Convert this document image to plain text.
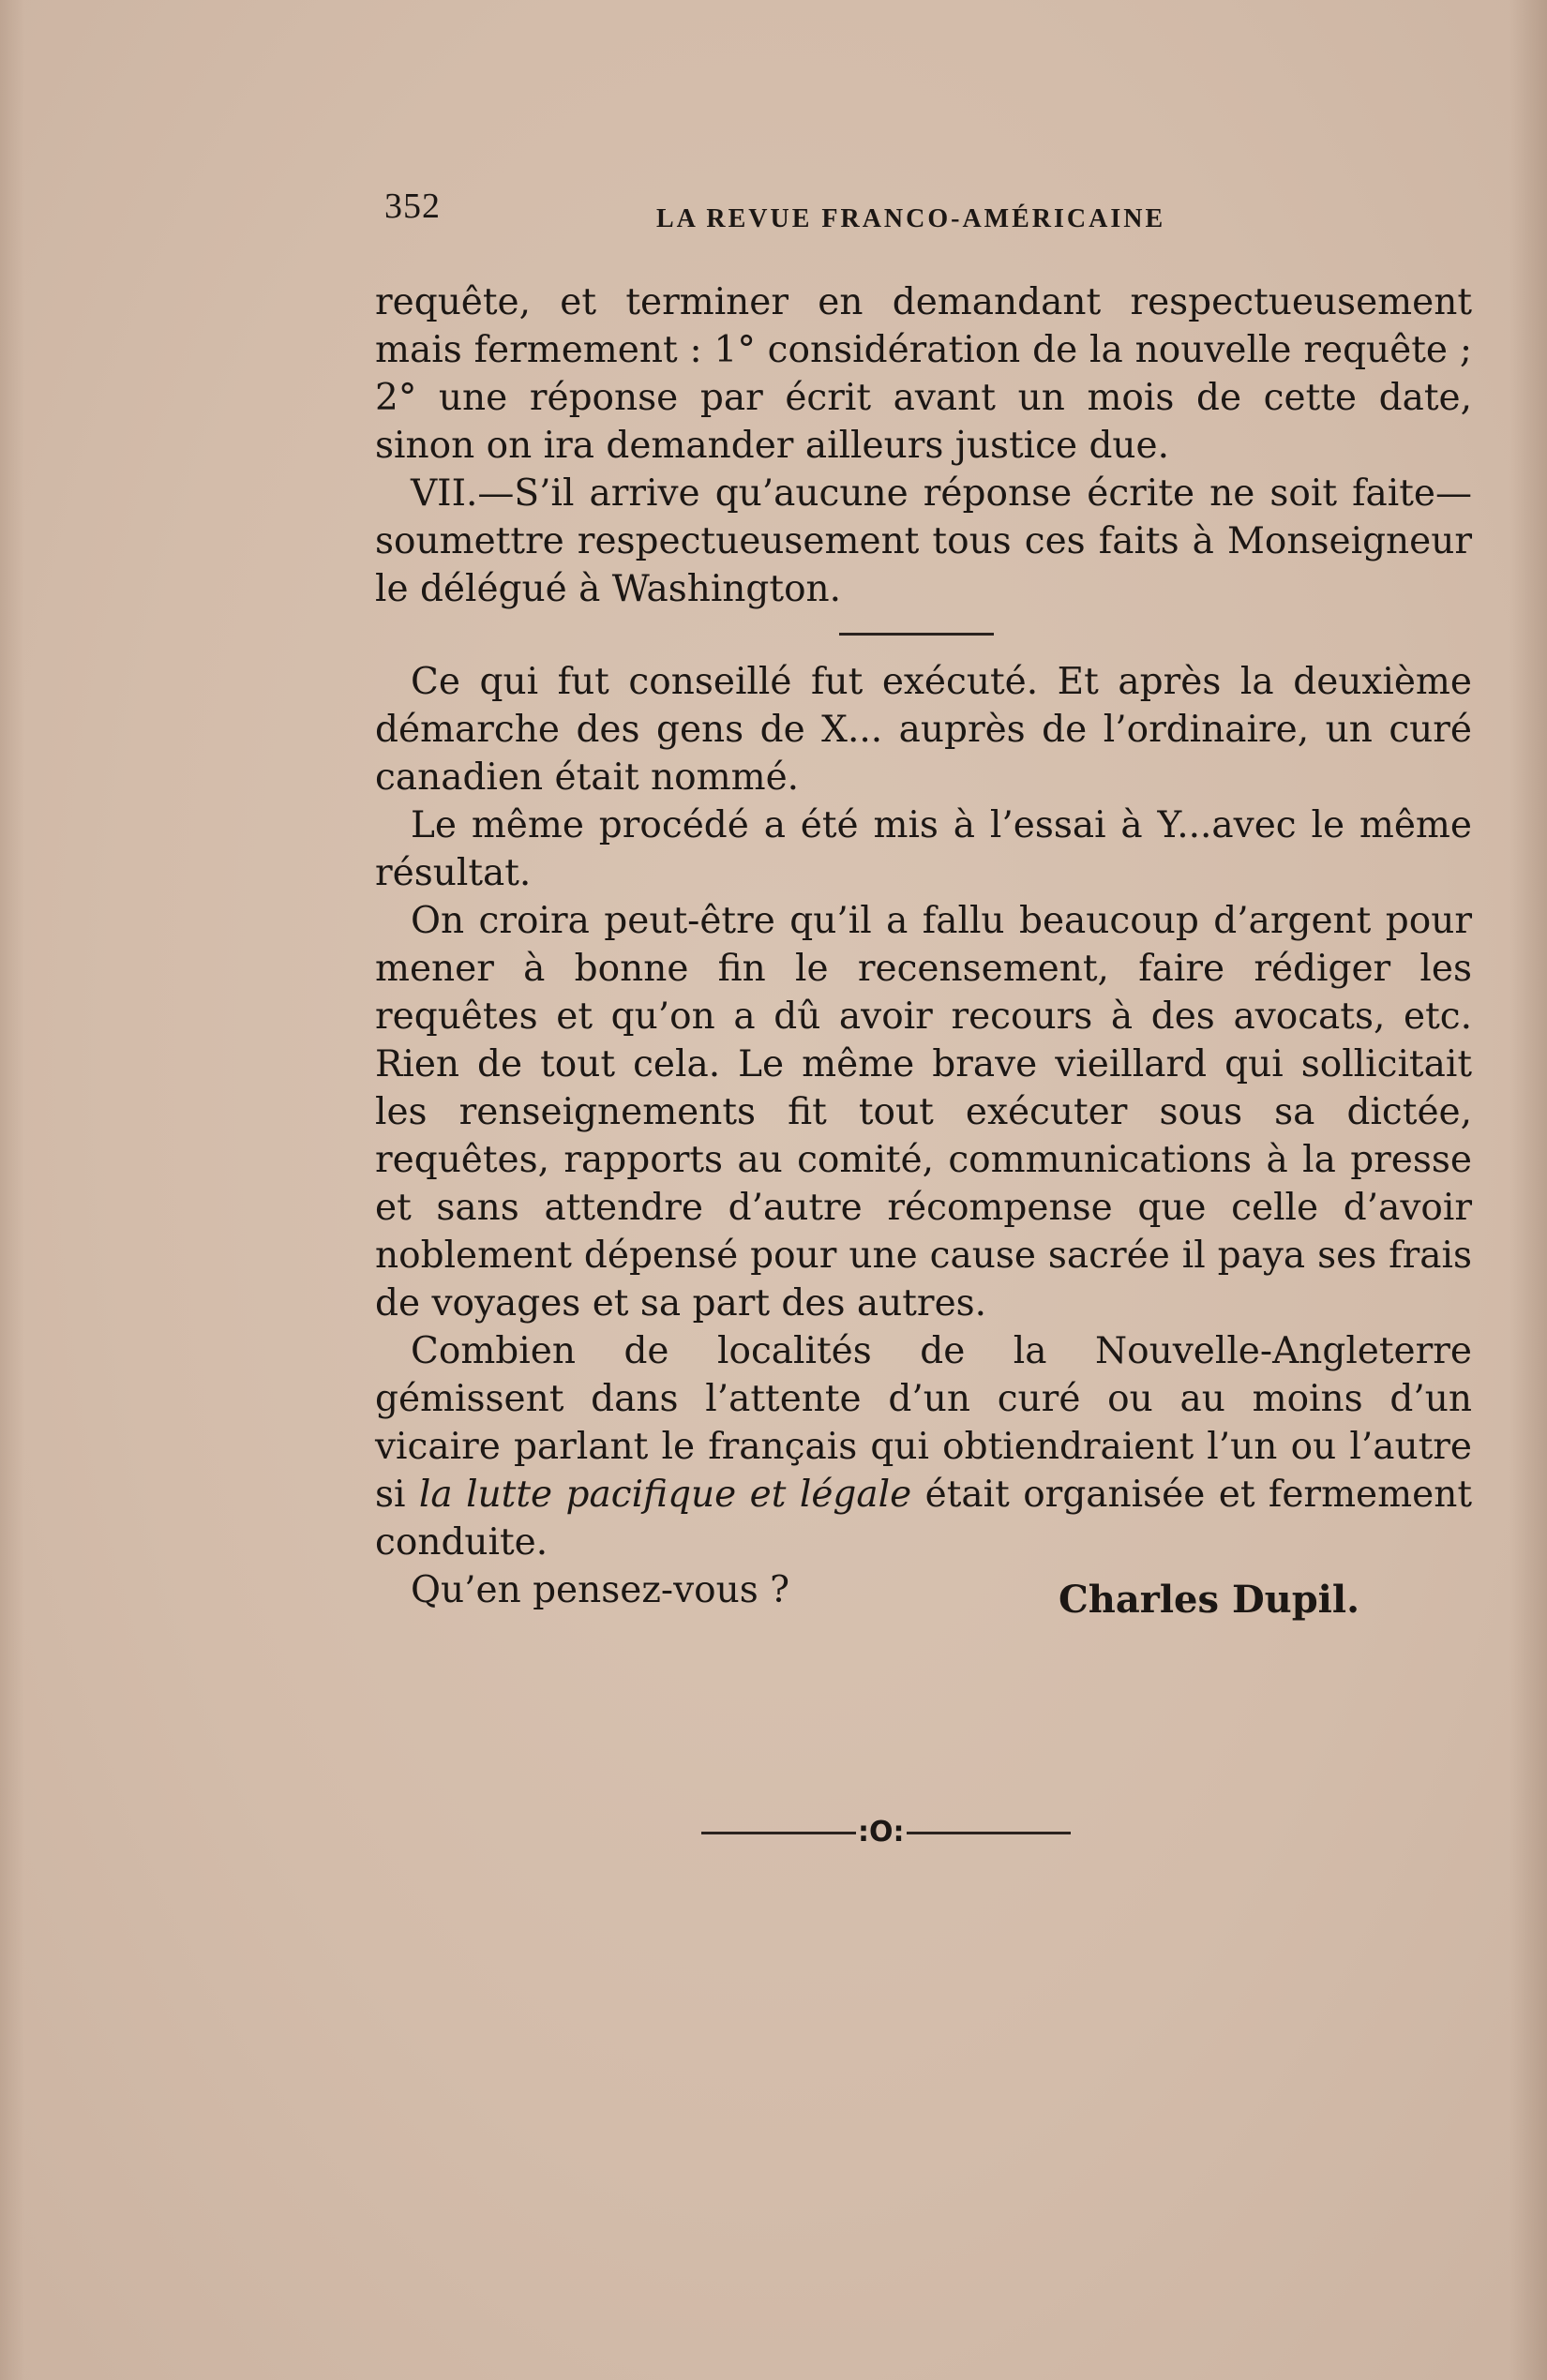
352	LA REVUE FRANCO-AMÉRICAINE

requête, et terminer en demandant respectueusement mais fermement : 1° considération de la nouvelle requête ; 2° une réponse par écrit avant un mois de cette date, sinon on ira demander ailleurs justice due.

VII.—S’il arrive qu’aucune réponse écrite ne soit faite— soumettre respectueusement tous ces faits à Monseigneur le délégué à Washington.

Ce qui fut conseillé fut exécuté. Et après la deuxième démarche des gens de X... auprès de l’ordinaire, un curé canadien était nommé.

Le même procédé a été mis à l’essai à Y...avec le même résultat.

On croira peut-être qu’il a fallu beaucoup d’argent pour mener à bonne fin le recensement, faire rédiger les requêtes et qu’on a dû avoir recours à des avocats, etc. Rien de tout cela. Le même brave vieillard qui sollicitait les renseignements fit tout exécuter sous sa dictée, requêtes, rapports au comité, communications à la presse et sans attendre d’autre récompense que celle d’avoir noblement dépensé pour une cause sacrée il paya ses frais de voyages et sa part des autres.

Combien de localités de la Nouvelle-Angleterre gémissent dans l’attente d’un curé ou au moins d’un vicaire parlant le français qui obtiendraient l’un ou l’autre si la lutte pacifique et légale était organisée et fermement conduite.

Qu’en pensez-vous ?	Charles Dupil.
:O:
